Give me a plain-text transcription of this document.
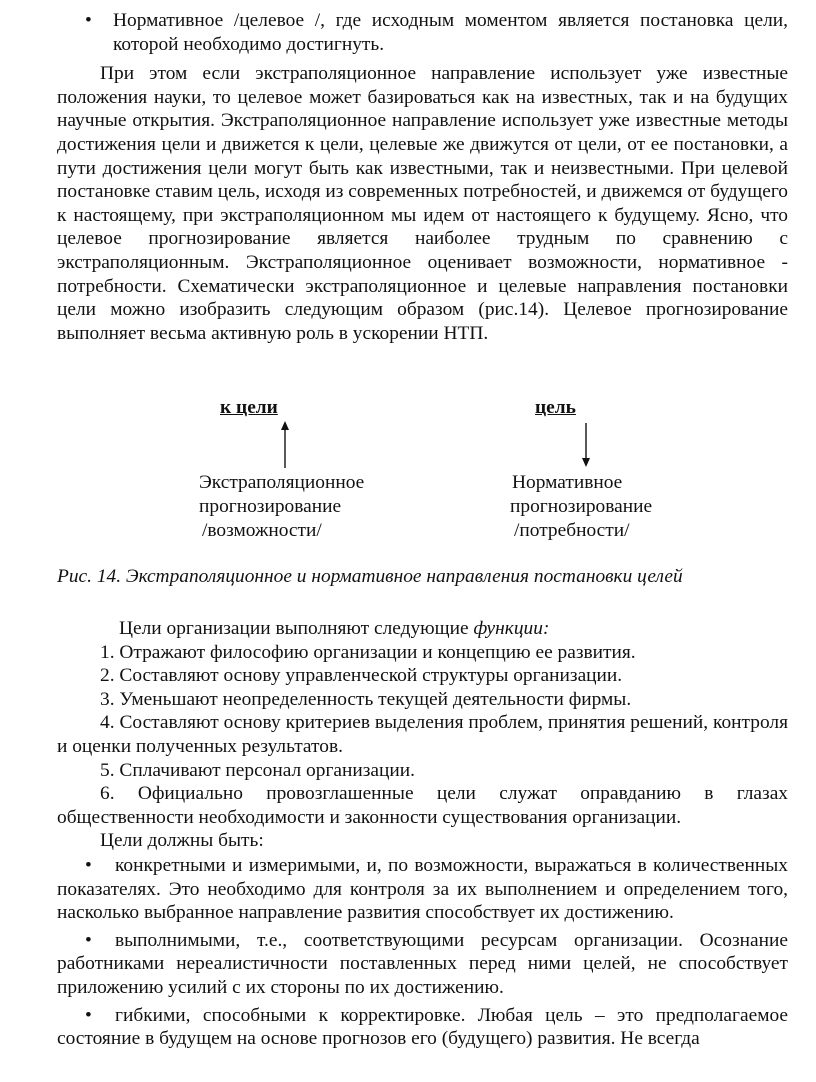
• Нормативное /целевое /, где исходным моментом является постановка цели, которой необходимо достигнуть.

При этом если экстраполяционное направление использует уже известные положения науки, то целевое может базироваться как на известных, так и на будущих научные открытия. Экстраполяционное направление использует уже известные методы достижения цели и движется к цели, целевые же движутся от цели, от ее постановки, а пути достижения цели могут быть как известными, так и неизвестными. При целевой постановке ставим цель, исходя из современных потребностей, и движемся от будущего к настоящему, при экстраполяционном мы идем от настоящего к будущему. Ясно, что целевое прогнозирование является наиболее трудным по сравнению с экстраполяционным. Экстраполяционное оценивает возможности, нормативное - потребности. Схематически экстраполяционное и целевые направления постановки цели можно изобразить следующим образом (рис.14). Целевое прогнозирование выполняет весьма активную роль в ускорении НТП.

к цели	цель
Экстраполяционное
прогнозирование
/возможности/
Нормативное
прогнозирование
/потребности/
Рис. 14. Экстраполяционное и нормативное направления постановки целей

Цели организации выполняют следующие функции:

1. Отражают философию организации и концепцию ее развития.

2. Составляют основу управленческой структуры организации.

3. Уменьшают неопределенность текущей деятельности фирмы.

4. Составляют основу критериев выделения проблем, принятия решений, контроля и оценки полученных результатов.

5. Сплачивают персонал организации.

6. Официально провозглашенные цели служат оправданию в глазах общественности необходимости и законности существования организации.

Цели должны быть:

• конкретными и измеримыми, и, по возможности, выражаться в количественных показателях. Это необходимо для контроля за их выполнением и определением того, насколько выбранное направление развития способствует их достижению.

• выполнимыми, т.е., соответствующими ресурсам организации. Осознание работниками нереалистичности поставленных перед ними целей, не способствует приложению усилий с их стороны по их достижению.

• гибкими, способными к корректировке. Любая цель – это предполагаемое состояние в будущем на основе прогнозов его (будущего) развития. Не всегда
